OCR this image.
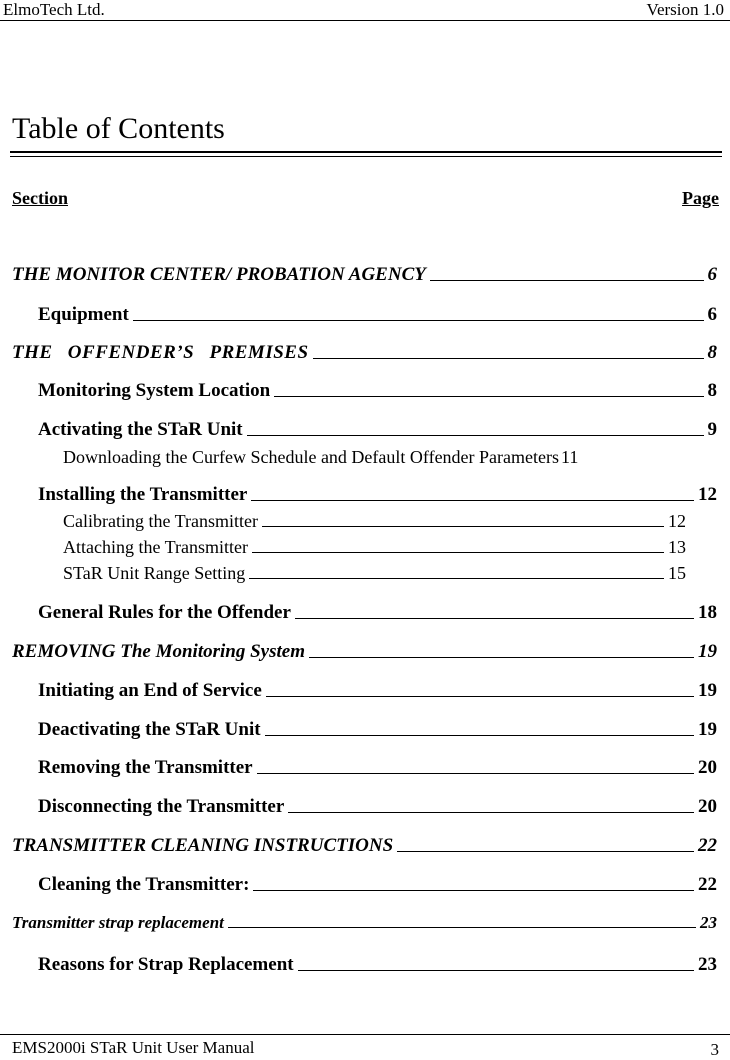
ElmoTech Ltd.	Version 1.0
Table of Contents
Section	Page
THE MONITOR CENTER/ PROBATION AGENCY	6
Equipment	6
THE OFFENDER’S PREMISES	8
Monitoring System Location	8
Activating the STaR Unit	9
Downloading the Curfew Schedule and Default Offender Parameters 11
Installing the Transmitter	12
Calibrating the Transmitter	12
Attaching the Transmitter	13
STaR Unit Range Setting	15
General Rules for the Offender	18
REMOVING The Monitoring System	19
Initiating an End of Service	19
Deactivating the STaR Unit	19
Removing the Transmitter	20
Disconnecting the Transmitter	20
TRANSMITTER CLEANING INSTRUCTIONS	22
Cleaning the Transmitter:	22
Transmitter strap replacement	23
Reasons for Strap Replacement	23
EMS2000i STaR Unit User Manual	3
